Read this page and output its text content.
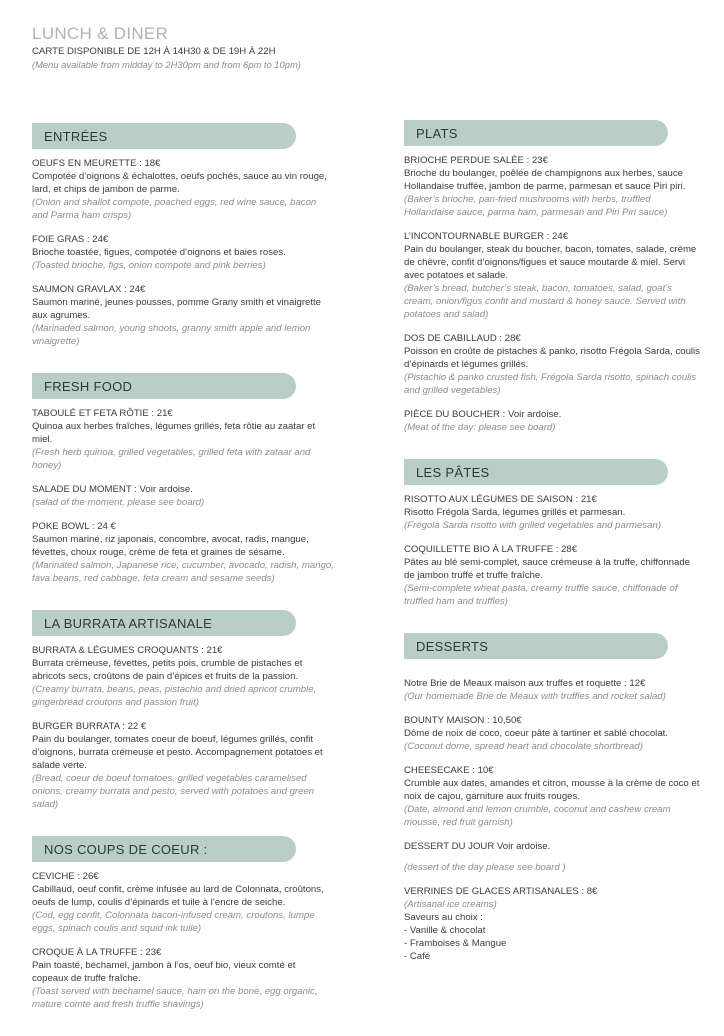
LUNCH & DINER
CARTE DISPONIBLE DE 12H À 14H30 & DE 19H À 22H
(Menu available from midday to 2H30pm and from 6pm to 10pm)
ENTRÉES
OEUFS EN MEURETTE : 18€
Compotée d’oignons & échalottes, oeufs pochés, sauce au vin rouge, lard, et chips de jambon de parme.
(Onion and shallot compote, poached eggs, red wine sauce, bacon and Parma ham crisps)
FOIE GRAS : 24€
Brioche toastée, figues, compotée d’oignons et baies roses.
(Toasted brioche, figs, onion compote and pink berries)
SAUMON GRAVLAX : 24€
Saumon mariné, jeunes pousses, pomme Grany smith et vinaigrette aux agrumes.
(Marinaded salmon, young shoots, granny smith apple and lemon vinaigrette)
FRESH FOOD
TABOULÉ ET FETA RÔTIE : 21€
Quinoa aux herbes fraîches, légumes grillés, feta rôtie au zaatar et miel.
(Fresh herb quinoa, grilled vegetables, grilled feta with zataar and honey)
SALADE DU MOMENT : Voir ardoise.
(salad of the moment, please see board)
POKE BOWL : 24 €
Saumon mariné, riz japonais, concombre, avocat, radis, mangue, févettes, choux rouge, crème de feta et graines de sésame.
(Marinated salmon, Japanese rice, cucumber, avocado, radish, mango, fava beans, red cabbage, feta cream and sesame seeds)
LA BURRATA ARTISANALE
BURRATA & LÉGUMES CROQUANTS : 21€
Burrata crémeuse, févettes, petits pois, crumble de pistaches et abricots secs, croûtons de pain d’épices et fruits de la passion.
(Creamy burrata, beans, peas, pistachio and dried apricot crumble, gingerbread croutons and passion fruit)
BURGER BURRATA : 22 €
Pain du boulanger, tomates coeur de boeuf, légumes grillés, confit d’oignons, burrata crémeuse et pesto. Accompagnement potatoes et salade verte.
(Bread, coeur de boeuf tomatoes, grilled vegetables caramelised onions, creamy burrata and pesto, served with potatoes and green salad)
NOS COUPS DE COEUR :
CEVICHE : 26€
Cabillaud, oeuf confit, crème infusée au lard de Colonnata, croûtons, oeufs de lump, coulis d’épinards et tuile à l’encre de seiche.
(Cod, egg confit, Colonnata bacon-infused cream, croutons, lumpe eggs, spinach coulis and squid ink tuile)
CROQUE À LA TRUFFE : 23€
Pain toasté, béchamel, jambon à l’os, oeuf bio, vieux comté et copeaux de truffe fraîche.
(Toast served with bechamel sauce, ham on the bone, egg organic, mature comte and fresh truffle shavings)
PLATS
BRIOCHE PERDUE SALÉE : 23€
Brioche du boulanger, poêlée de champignons aux herbes, sauce Hollandaise truffée, jambon de parme, parmesan et sauce Piri piri.
(Baker’s brioche, pan-fried mushrooms with herbs, truffled Hollandaise sauce, parma ham, parmesan and Piri Piri sauce)
L’INCONTOURNABLE BURGER : 24€
Pain du boulanger, steak du boucher, bacon, tomates, salade, crème de chèvre, confit d’oignons/figues et sauce moutarde & miel. Servi avec potatoes et salade.
(Baker’s bread, butcher’s steak, bacon, tomatoes, salad, goat’s cream, onion/figus confit and mustard & honey sauce. Served with potatoes and salad)
DOS DE CABILLAUD : 28€
Poisson en croûte de pistaches & panko, risotto Frégola Sarda, coulis d’épinards et légumes grillés.
(Pistachio & panko crusted fish, Frégola Sarda risotto, spinach coulis and grilled vegetables)
PIÈCE DU BOUCHER : Voir ardoise.
(Meat of the day: please see board)
LES PÂTES
RISOTTO AUX LÉGUMES DE SAISON : 21€
Risotto Frégola Sarda, légumes grillés et parmesan.
(Frégola Sarda risotto with grilled vegetables and parmesan)
COQUILLETTE BIO À LA TRUFFE : 28€
Pâtes au blé semi-complet, sauce crémeuse à la truffe, chiffonnade de jambon truffé et truffe fraîche.
(Semi-complete wheat pasta, creamy truffle sauce, chiffonade of truffled ham and truffles)
DESSERTS
Notre Brie de Meaux maison aux truffes et roquette : 12€
(Our homemade Brie de Meaux with truffles and rocket salad)
BOUNTY MAISON : 10,50€
Dôme de noix de coco, coeur pâte à tartiner et sablé chocolat.
(Coconut dome, spread heart and chocolate shortbread)
CHEESECAKE : 10€
Crumble aux dates, amandes et citron, mousse à la crème de coco et noix de cajou, garniture aux fruits rouges.
(Date, almond and lemon crumble, coconut and cashew cream mousse, red fruit garnish)
DESSERT DU JOUR Voir ardoise.
(dessert of the day please see board )
VERRINES DE GLACES ARTISANALES : 8€
(Artisanal ice creams)
Saveurs au choix :
- Vanille & chocolat
- Framboises & Mangue
- Café
